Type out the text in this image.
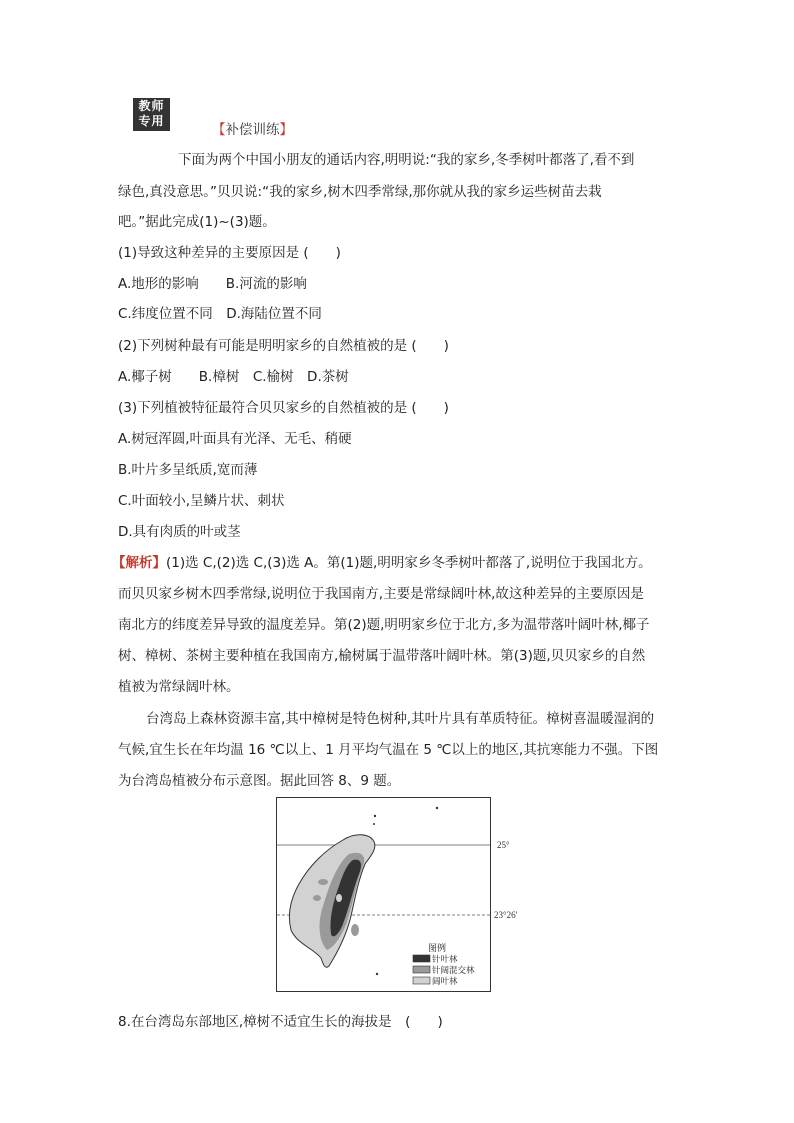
教师
专用
【补偿训练】
下面为两个中国小朋友的通话内容,明明说:“我的家乡,冬季树叶都落了,看不到
绿色,真没意思。”贝贝说:“我的家乡,树木四季常绿,那你就从我的家乡运些树苗去栽
吧。”据此完成(1)~(3)题。
(1)导致这种差异的主要原因是 (　　)
A.地形的影响　　B.河流的影响
C.纬度位置不同　D.海陆位置不同
(2)下列树种最有可能是明明家乡的自然植被的是 (　　)
A.椰子树　　B.樟树　C.榆树　D.茶树
(3)下列植被特征最符合贝贝家乡的自然植被的是 (　　)
A.树冠浑圆,叶面具有光泽、无毛、稍硬
B.叶片多呈纸质,宽而薄
C.叶面较小,呈鳞片状、刺状
D.具有肉质的叶或茎
【解析】(1)选 C,(2)选 C,(3)选 A。第(1)题,明明家乡冬季树叶都落了,说明位于我国北方。
而贝贝家乡树木四季常绿,说明位于我国南方,主要是常绿阔叶林,故这种差异的主要原因是
南北方的纬度差异导致的温度差异。第(2)题,明明家乡位于北方,多为温带落叶阔叶林,椰子
树、樟树、茶树主要种植在我国南方,榆树属于温带落叶阔叶林。第(3)题,贝贝家乡的自然
植被为常绿阔叶林。
台湾岛上森林资源丰富,其中樟树是特色树种,其叶片具有革质特征。樟树喜温暖湿润的
气候,宜生长在年均温 16 ℃以上、1 月平均气温在 5 ℃以上的地区,其抗寒能力不强。下图
为台湾岛植被分布示意图。据此回答 8、9 题。
25°
23°26′
图例
针叶林
针阔混交林
阔叶林
8.在台湾岛东部地区,樟树不适宜生长的海拔是　(　　)
